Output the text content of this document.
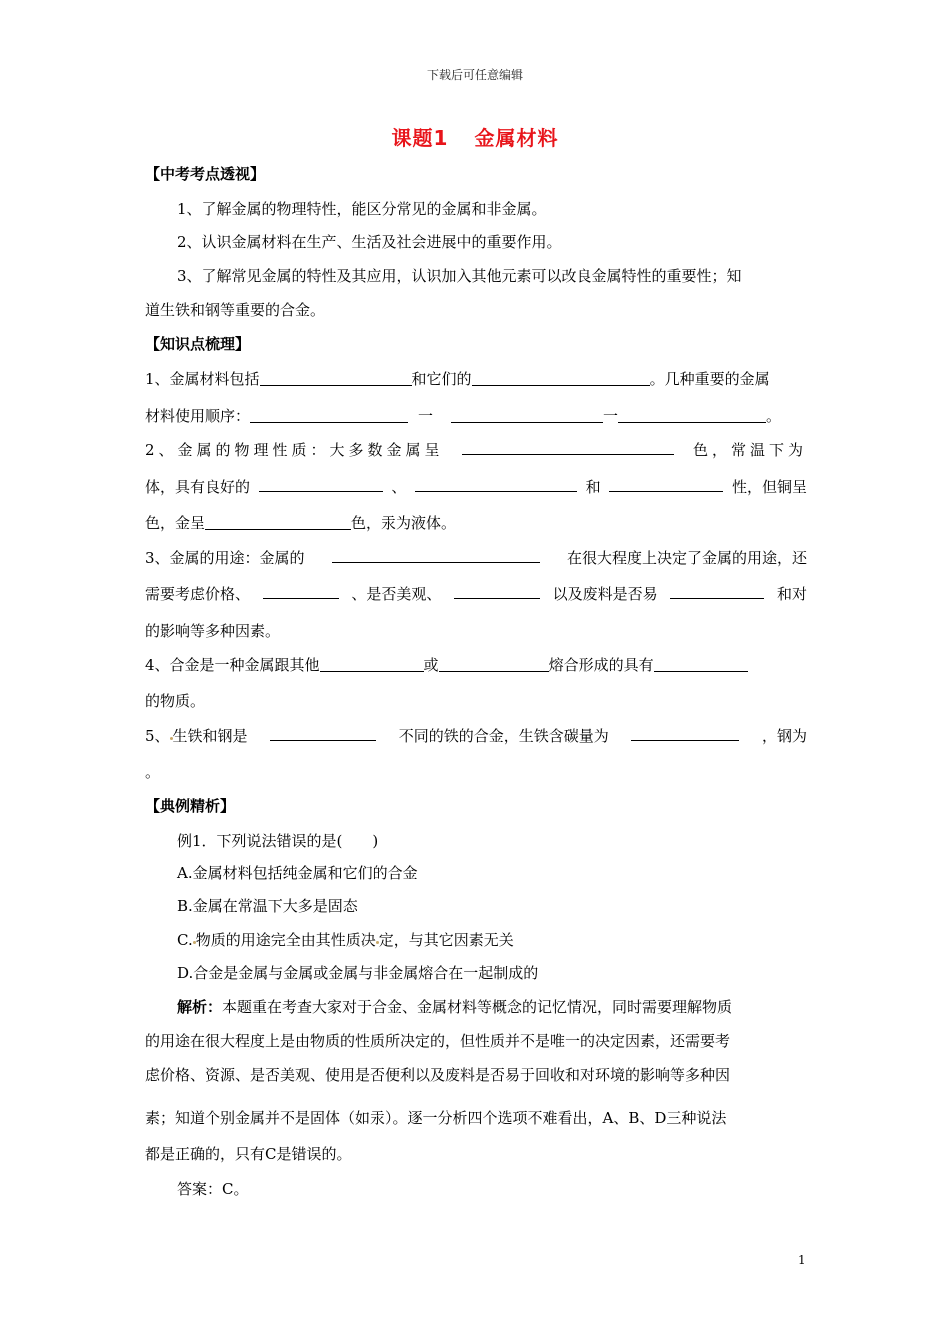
下载后可任意编辑
课题1 金属材料
【中考考点透视】
1、了解金属的物理特性，能区分常见的金属和非金属。
2、认识金属材料在生产、生活及社会进展中的重要作用。
3、了解常见金属的特性及其应用，认识加入其他元素可以改良金属特性的重要性；知
道生铁和钢等重要的合金。
【知识点梳理】
1、金属材料包括	和它们的	。几种重要的金属
材料使用顺序：	一	一	。
2、金属的物理性质：大多数金属呈	色，常温下为
体，具有良好的	、	和	性，但铜呈
色，金呈	色，汞为液体。
3、金属的用途：金属的	在很大程度上决定了金属的用途，还
需要考虑价格、	、是否美观、	以及废料是否易	和对
的影响等多种因素。
4、合金是一种金属跟其他	或	熔合形成的具有
的物质。
5、 生铁和钢是	不同的铁的合金，生铁含碳量为	，钢为
。
【典例精析】
例1．下列说法错误的是(　　)
A.金属材料包括纯金属和它们的合金
B.金属在常温下大多是固态
C. 物质的用途完全由其性质决 定，与其它因素无关
D.合金是金属与金属或金属与非金属熔合在一起制成的
解析：本题重在考查大家对于合金、金属材料等概念的记忆情况，同时需要理解物质
的用途在很大程度上是由物质的性质所决定的，但性质并不是唯一的决定因素，还需要考
虑价格、资源、是否美观、使用是否便利以及废料是否易于回收和对环境的影响等多种因
素；知道个别金属并不是固体（如汞）。逐一分析四个选项不难看出，A、B、D三种说法
都是正确的，只有C是错误的。
答案：C。
1
